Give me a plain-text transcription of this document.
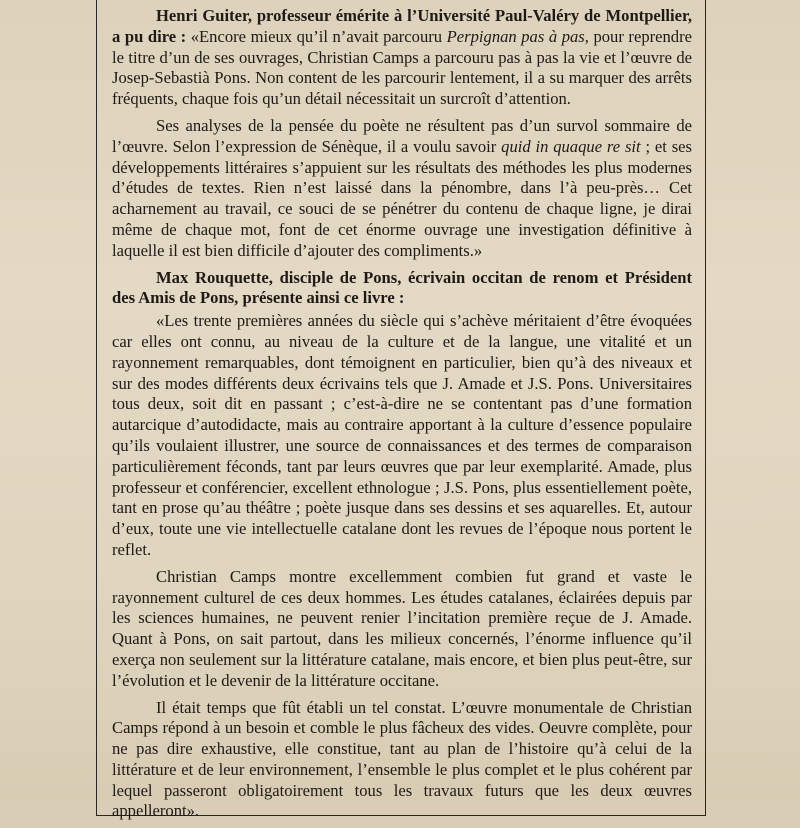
Henri Guiter, professeur émérite à l’Université Paul-Valéry de Montpellier, a pu dire : «Encore mieux qu’il n’avait parcouru Perpignan pas à pas, pour reprendre le titre d’un de ses ouvrages, Christian Camps a parcouru pas à pas la vie et l’œuvre de Josep-Sebastià Pons. Non content de les parcourir lentement, il a su marquer des arrêts fréquents, chaque fois qu’un détail nécessitait un surcroît d’attention.

Ses analyses de la pensée du poète ne résultent pas d’un survol sommaire de l’œuvre. Selon l’expression de Sénèque, il a voulu savoir quid in quaque re sit ; et ses développements littéraires s’appuient sur les résultats des méthodes les plus modernes d’études de textes. Rien n’est laissé dans la pénombre, dans l’à peu-près… Cet acharnement au travail, ce souci de se pénétrer du contenu de chaque ligne, je dirai même de chaque mot, font de cet énorme ouvrage une investigation définitive à laquelle il est bien difficile d’ajouter des compliments.»

Max Rouquette, disciple de Pons, écrivain occitan de renom et Président des Amis de Pons, présente ainsi ce livre :

«Les trente premières années du siècle qui s’achève méritaient d’être évoquées car elles ont connu, au niveau de la culture et de la langue, une vitalité et un rayonnement remarquables, dont témoignent en particulier, bien qu’à des niveaux et sur des modes différents deux écrivains tels que J. Amade et J.S. Pons. Universitaires tous deux, soit dit en passant ; c’est-à-dire ne se contentant pas d’une formation autarcique d’autodidacte, mais au contraire apportant à la culture d’essence populaire qu’ils voulaient illustrer, une source de connaissances et des termes de comparaison particulièrement féconds, tant par leurs œuvres que par leur exemplarité. Amade, plus professeur et conférencier, excellent ethnologue ; J.S. Pons, plus essentiellement poète, tant en prose qu’au théâtre ; poète jusque dans ses dessins et ses aquarelles. Et, autour d’eux, toute une vie intellectuelle catalane dont les revues de l’époque nous portent le reflet.

Christian Camps montre excellemment combien fut grand et vaste le rayonnement culturel de ces deux hommes. Les études catalanes, éclairées depuis par les sciences humaines, ne peuvent renier l’incitation première reçue de J. Amade. Quant à Pons, on sait partout, dans les milieux concernés, l’énorme influence qu’il exerça non seulement sur la littérature catalane, mais encore, et bien plus peut-être, sur l’évolution et le devenir de la littérature occitane.

Il était temps que fût établi un tel constat. L’œuvre monumentale de Christian Camps répond à un besoin et comble le plus fâcheux des vides. Oeuvre complète, pour ne pas dire exhaustive, elle constitue, tant au plan de l’histoire qu’à celui de la littérature et de leur environnement, l’ensemble le plus complet et le plus cohérent par lequel passeront obligatoirement tous les travaux futurs que les deux œuvres appelleront».
